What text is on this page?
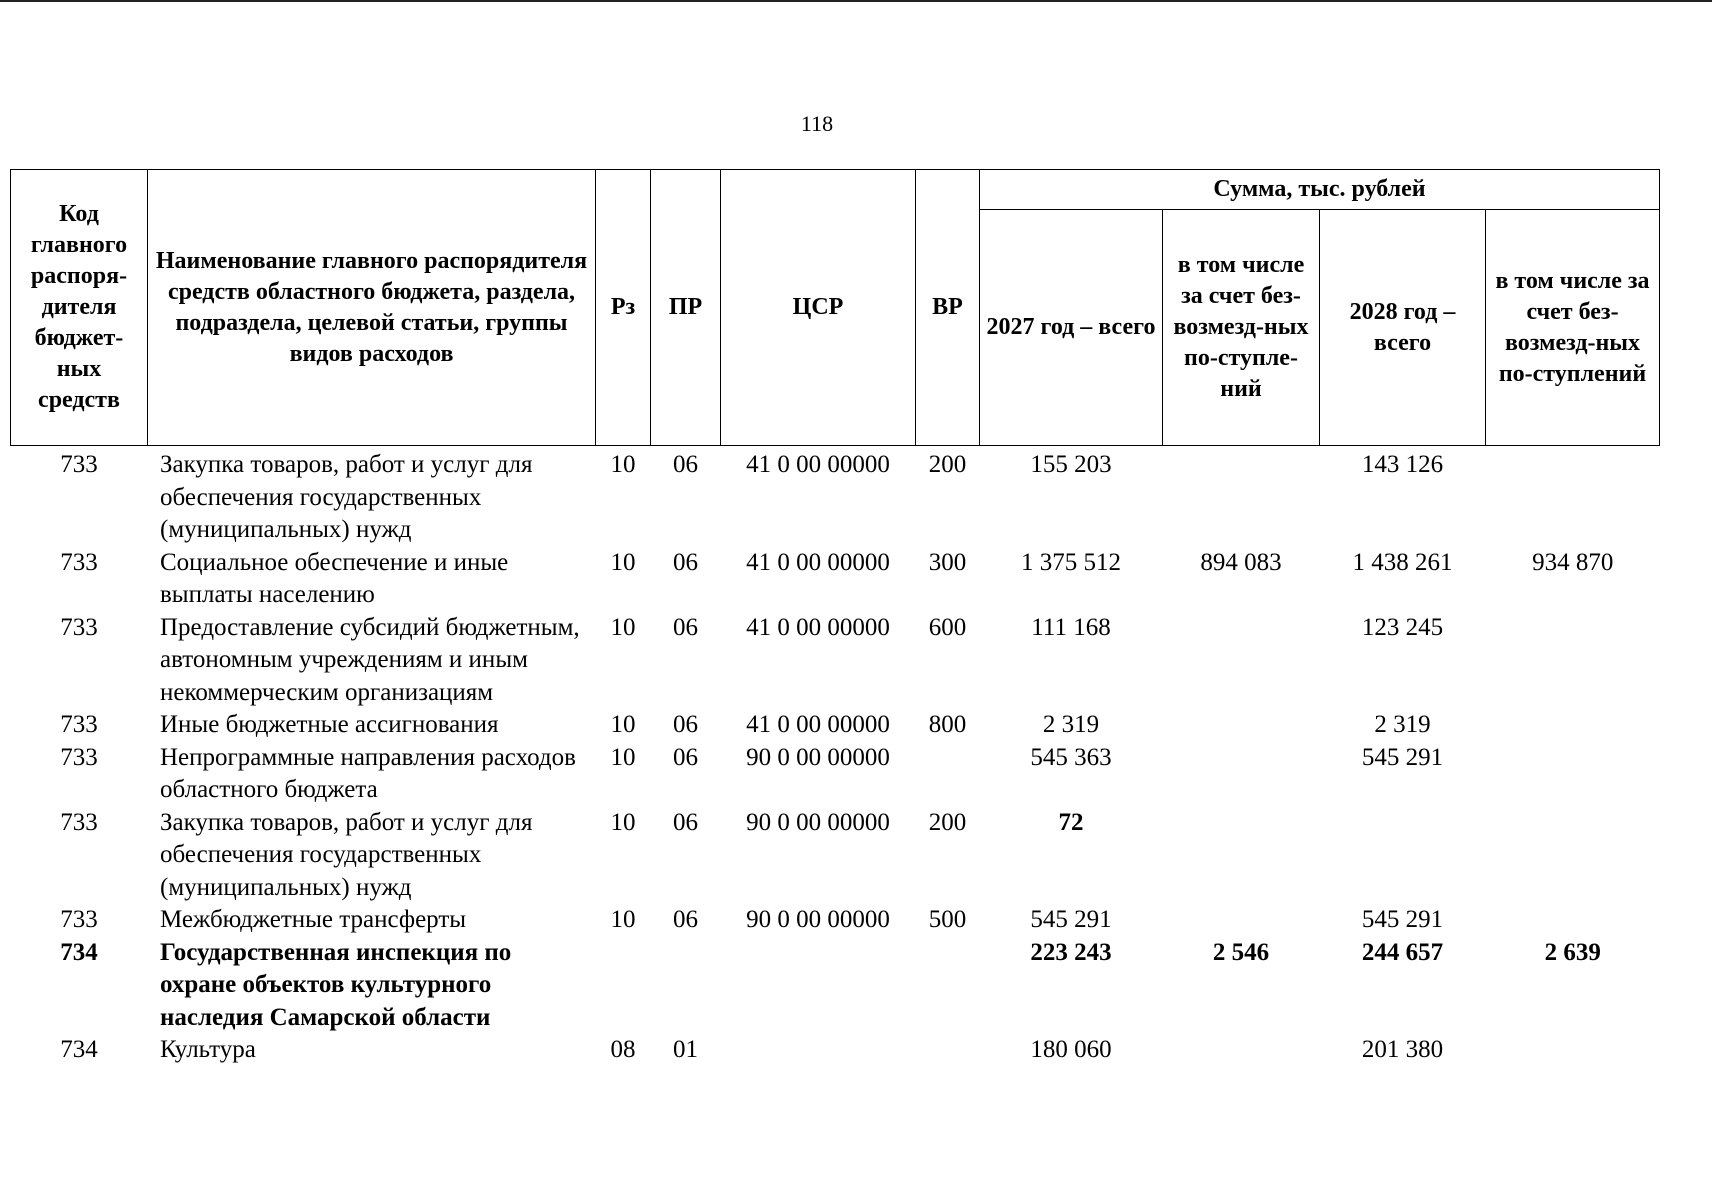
118
Код главного распоря-дителя бюджет-ных средств	Наименование главного распорядителя средств областного бюджета, раздела, подраздела, целевой статьи, группы видов расходов	Рз	ПР	ЦСР	ВР	Сумма, тыс. рублей			
						2027 год – всего	в том числе за счет без-возмезд-ных по-ступле-ний	2028 год – всего	в том числе за счет без-возмезд-ных по-ступлений
733	Закупка товаров, работ и услуг для обеспечения государственных (муниципальных) нужд	10	06	41 0 00 00000	200	155 203		143 126	
733	Социальное обеспечение и иные выплаты населению	10	06	41 0 00 00000	300	1 375 512	894 083	1 438 261	934 870
733	Предоставление субсидий бюджетным, автономным учреждениям и иным некоммерческим организациям	10	06	41 0 00 00000	600	111 168		123 245	
733	Иные бюджетные ассигнования	10	06	41 0 00 00000	800	2 319		2 319	
733	Непрограммные направления расходов областного бюджета	10	06	90 0 00 00000		545 363		545 291	
733	Закупка товаров, работ и услуг для обеспечения государственных (муниципальных) нужд	10	06	90 0 00 00000	200	72			
733	Межбюджетные трансферты	10	06	90 0 00 00000	500	545 291		545 291	
734	Государственная инспекция по охране объектов культурного наследия Самарской области					223 243	2 546	244 657	2 639
734	Культура	08	01			180 060		201 380	
